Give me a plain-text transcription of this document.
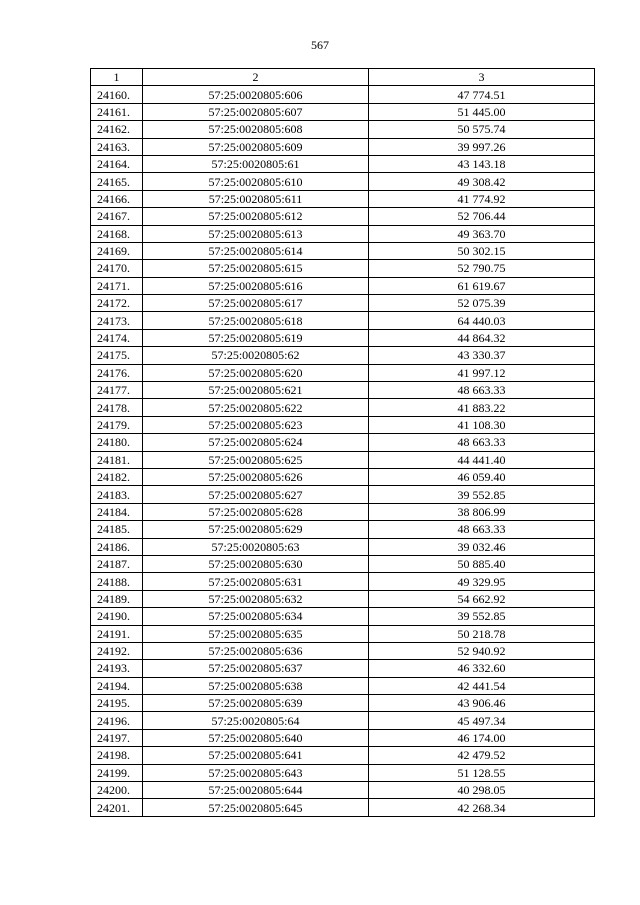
567
1	2	3
24160.	57:25:0020805:606	47 774.51
24161.	57:25:0020805:607	51 445.00
24162.	57:25:0020805:608	50 575.74
24163.	57:25:0020805:609	39 997.26
24164.	57:25:0020805:61	43 143.18
24165.	57:25:0020805:610	49 308.42
24166.	57:25:0020805:611	41 774.92
24167.	57:25:0020805:612	52 706.44
24168.	57:25:0020805:613	49 363.70
24169.	57:25:0020805:614	50 302.15
24170.	57:25:0020805:615	52 790.75
24171.	57:25:0020805:616	61 619.67
24172.	57:25:0020805:617	52 075.39
24173.	57:25:0020805:618	64 440.03
24174.	57:25:0020805:619	44 864.32
24175.	57:25:0020805:62	43 330.37
24176.	57:25:0020805:620	41 997.12
24177.	57:25:0020805:621	48 663.33
24178.	57:25:0020805:622	41 883.22
24179.	57:25:0020805:623	41 108.30
24180.	57:25:0020805:624	48 663.33
24181.	57:25:0020805:625	44 441.40
24182.	57:25:0020805:626	46 059.40
24183.	57:25:0020805:627	39 552.85
24184.	57:25:0020805:628	38 806.99
24185.	57:25:0020805:629	48 663.33
24186.	57:25:0020805:63	39 032.46
24187.	57:25:0020805:630	50 885.40
24188.	57:25:0020805:631	49 329.95
24189.	57:25:0020805:632	54 662.92
24190.	57:25:0020805:634	39 552.85
24191.	57:25:0020805:635	50 218.78
24192.	57:25:0020805:636	52 940.92
24193.	57:25:0020805:637	46 332.60
24194.	57:25:0020805:638	42 441.54
24195.	57:25:0020805:639	43 906.46
24196.	57:25:0020805:64	45 497.34
24197.	57:25:0020805:640	46 174.00
24198.	57:25:0020805:641	42 479.52
24199.	57:25:0020805:643	51 128.55
24200.	57:25:0020805:644	40 298.05
24201.	57:25:0020805:645	42 268.34
